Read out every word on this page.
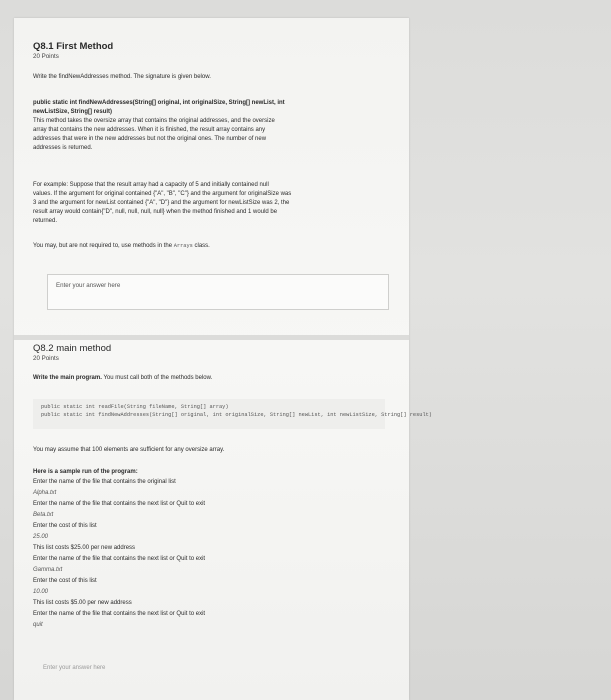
Q8.1 First Method
20 Points
Write the findNewAddresses method. The signature is given below.
public static int findNewAddresses(String[] original, int originalSize, String[] newList, int
newListSize, String[] result)
This method takes the oversize array that contains the original addresses, and the oversize
array that contains the new addresses. When it is finished, the result array contains any
addresses that were in the new addresses but not the original ones. The number of new
addresses is returned.
For example: Suppose that the result array had a capacity of 5 and initially contained null
values. If the argument for original contained {"A", "B", "C"} and the argument for originalSize was
3 and the argument for newList contained {"A", "D"} and the argument for newListSize was 2, the
result array would contain{"D", null, null, null, null} when the method finished and 1 would be
returned.
You may, but are not required to, use methods in the Arrays class.
Enter your answer here
Q8.2 main method
20 Points
Write the main program. You must call both of the methods below.
public static int readFile(String fileName, String[] array)
public static int findNewAddresses(String[] original, int originalSize, String[] newList, int newListSize, String[] result)
You may assume that 100 elements are sufficient for any oversize array.
Here is a sample run of the program:
Enter the name of the file that contains the original list
Alpha.txt
Enter the name of the file that contains the next list or Quit to exit
Beta.txt
Enter the cost of this list
25.00
This list costs $25.00 per new address
Enter the name of the file that contains the next list or Quit to exit
Gamma.txt
Enter the cost of this list
10.00
This list costs $5.00 per new address
Enter the name of the file that contains the next list or Quit to exit
quit
Enter your answer here
